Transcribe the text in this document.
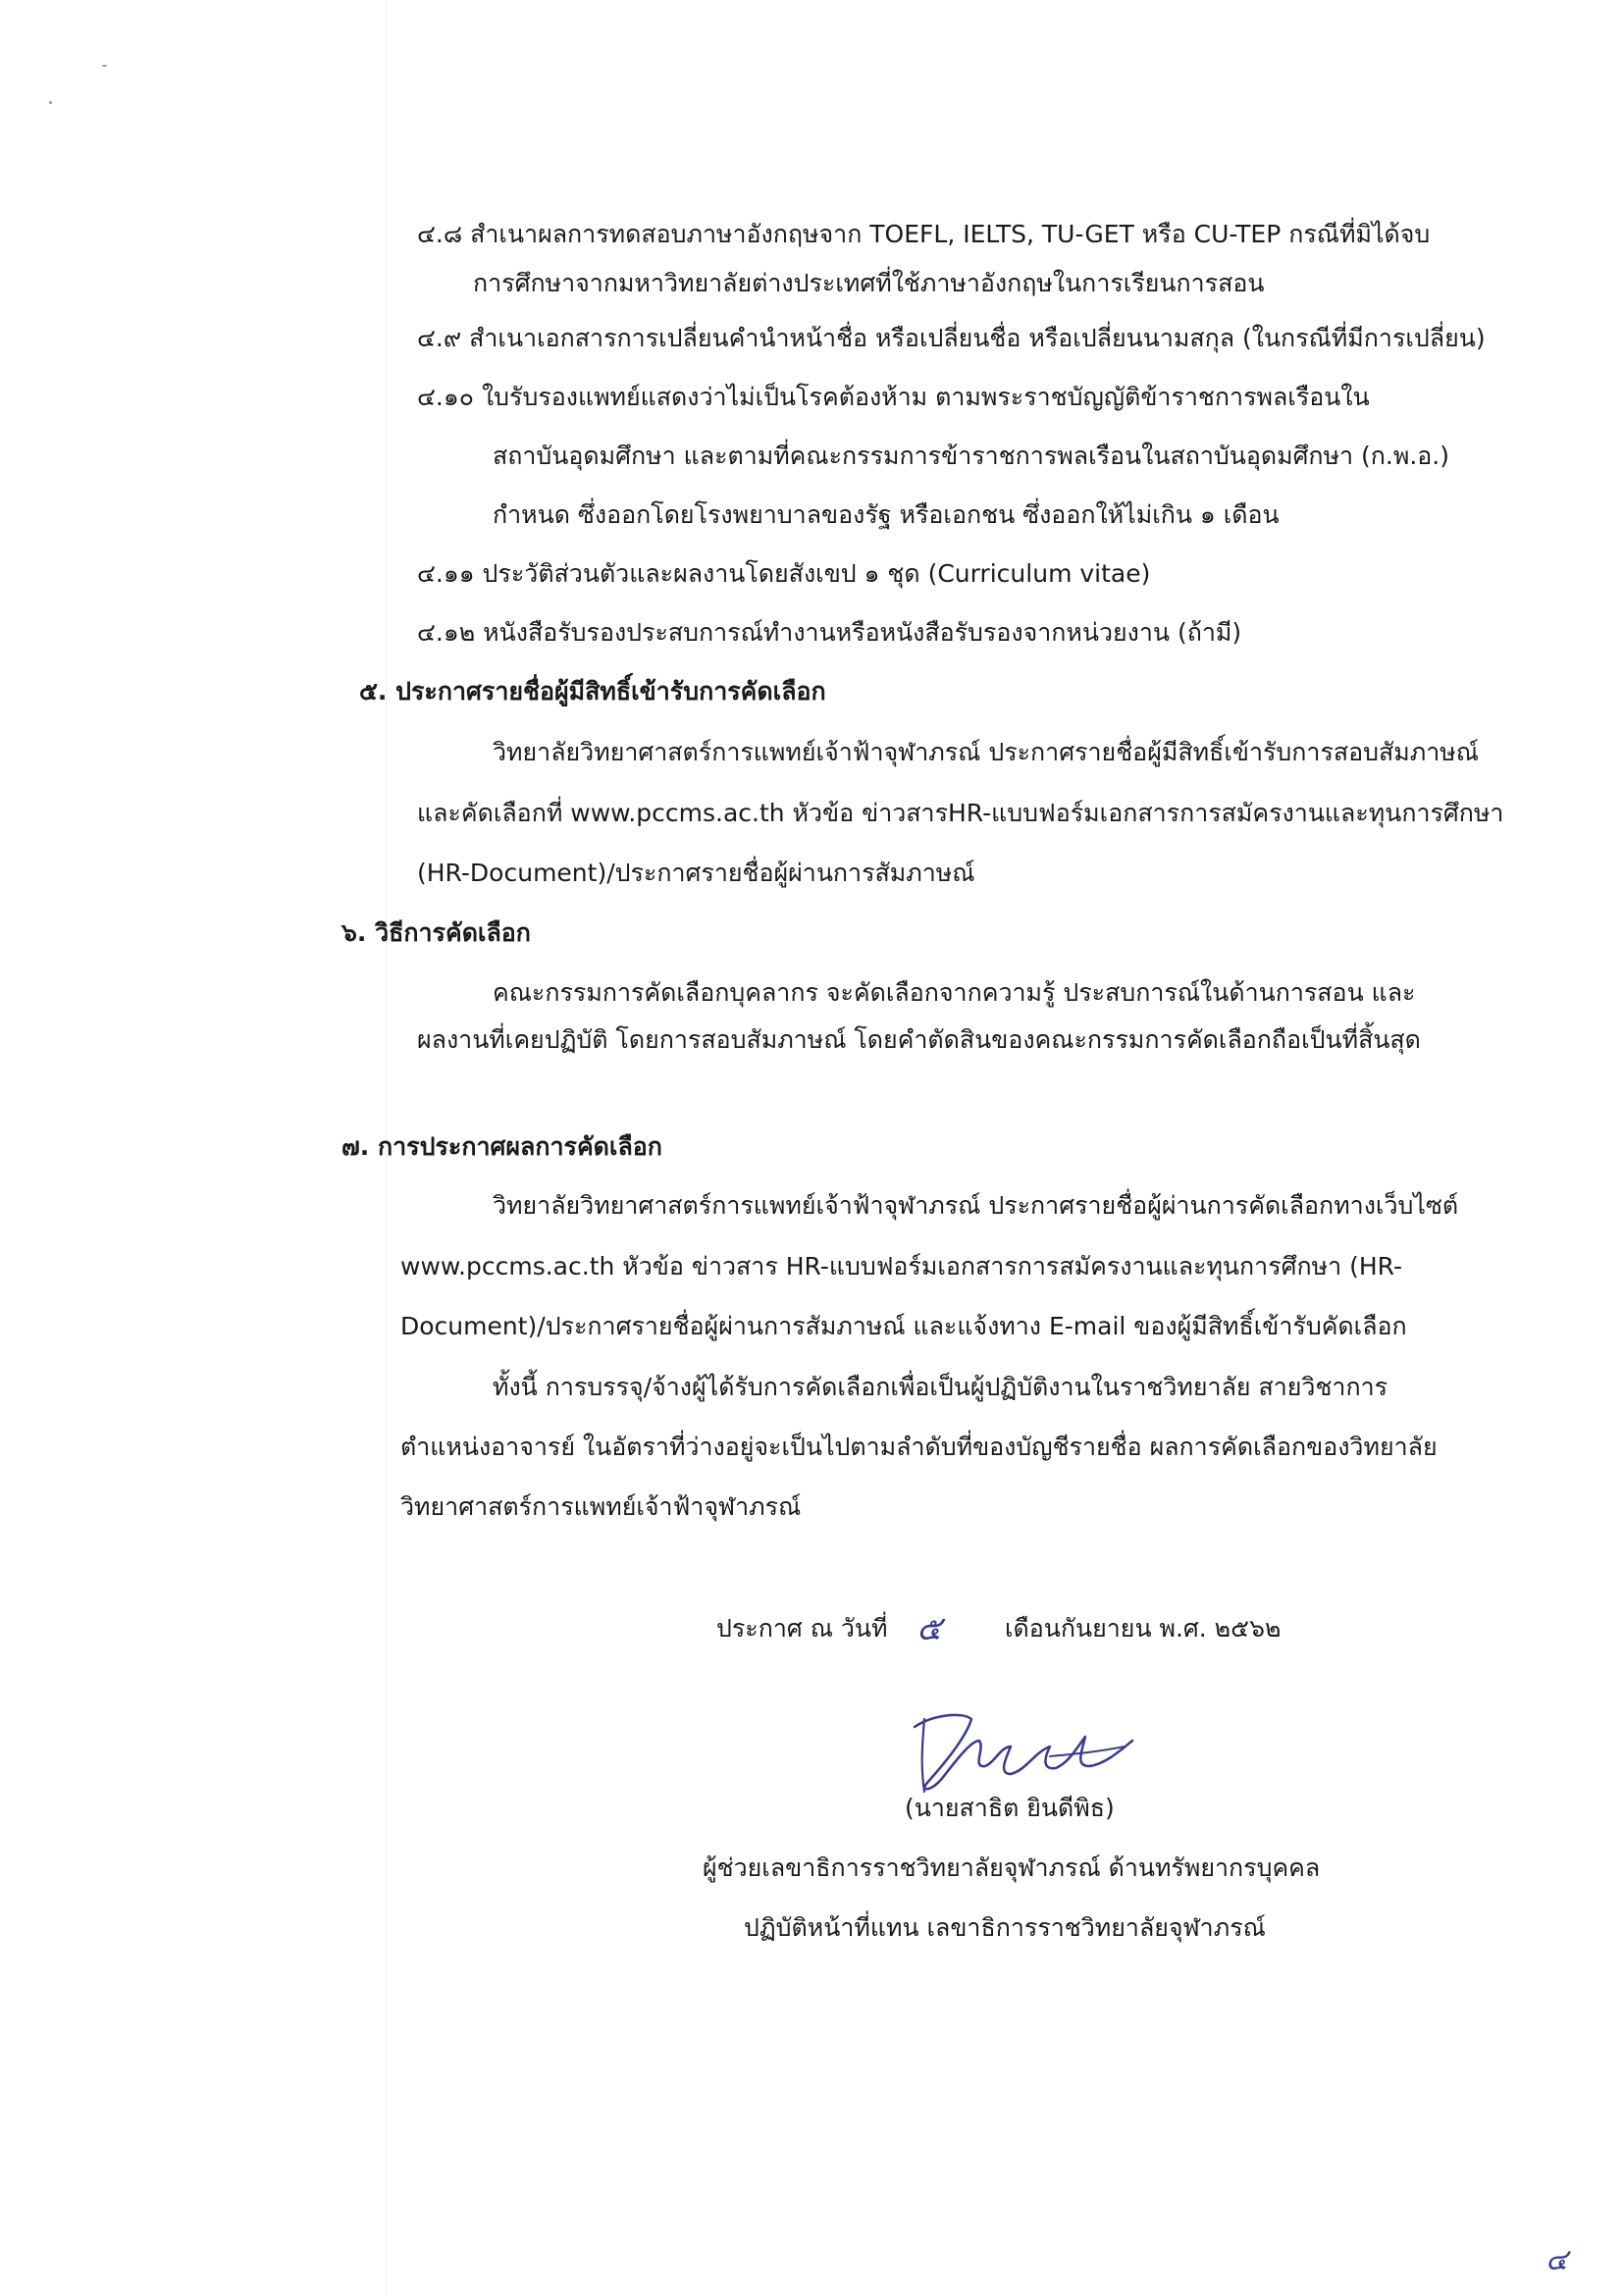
๔.๘ สำเนาผลการทดสอบภาษาอังกฤษจาก TOEFL, IELTS, TU-GET หรือ CU-TEP กรณีที่มิได้จบ
การศึกษาจากมหาวิทยาลัยต่างประเทศที่ใช้ภาษาอังกฤษในการเรียนการสอน
๔.๙ สำเนาเอกสารการเปลี่ยนคำนำหน้าชื่อ หรือเปลี่ยนชื่อ หรือเปลี่ยนนามสกุล (ในกรณีที่มีการเปลี่ยน)
๔.๑๐ ใบรับรองแพทย์แสดงว่าไม่เป็นโรคต้องห้าม ตามพระราชบัญญัติข้าราชการพลเรือนใน
สถาบันอุดมศึกษา และตามที่คณะกรรมการข้าราชการพลเรือนในสถาบันอุดมศึกษา (ก.พ.อ.)
กำหนด ซึ่งออกโดยโรงพยาบาลของรัฐ หรือเอกชน ซึ่งออกให้ไม่เกิน ๑ เดือน
๔.๑๑ ประวัติส่วนตัวและผลงานโดยสังเขป ๑ ชุด (Curriculum vitae)
๔.๑๒ หนังสือรับรองประสบการณ์ทำงานหรือหนังสือรับรองจากหน่วยงาน (ถ้ามี)
๕. ประกาศรายชื่อผู้มีสิทธิ์เข้ารับการคัดเลือก
วิทยาลัยวิทยาศาสตร์การแพทย์เจ้าฟ้าจุฬาภรณ์ ประกาศรายชื่อผู้มีสิทธิ์เข้ารับการสอบสัมภาษณ์
และคัดเลือกที่ www.pccms.ac.th หัวข้อ ข่าวสารHR-แบบฟอร์มเอกสารการสมัครงานและทุนการศึกษา
(HR-Document)/ประกาศรายชื่อผู้ผ่านการสัมภาษณ์
๖. วิธีการคัดเลือก
คณะกรรมการคัดเลือกบุคลากร จะคัดเลือกจากความรู้ ประสบการณ์ในด้านการสอน และ
ผลงานที่เคยปฏิบัติ โดยการสอบสัมภาษณ์ โดยคำตัดสินของคณะกรรมการคัดเลือกถือเป็นที่สิ้นสุด
๗. การประกาศผลการคัดเลือก
วิทยาลัยวิทยาศาสตร์การแพทย์เจ้าฟ้าจุฬาภรณ์ ประกาศรายชื่อผู้ผ่านการคัดเลือกทางเว็บไซต์
www.pccms.ac.th หัวข้อ ข่าวสาร HR-แบบฟอร์มเอกสารการสมัครงานและทุนการศึกษา (HR-
Document)/ประกาศรายชื่อผู้ผ่านการสัมภาษณ์ และแจ้งทาง E-mail ของผู้มีสิทธิ์เข้ารับคัดเลือก
ทั้งนี้ การบรรจุ/จ้างผู้ได้รับการคัดเลือกเพื่อเป็นผู้ปฏิบัติงานในราชวิทยาลัย สายวิชาการ
ตำแหน่งอาจารย์ ในอัตราที่ว่างอยู่จะเป็นไปตามลำดับที่ของบัญชีรายชื่อ ผลการคัดเลือกของวิทยาลัย
วิทยาศาสตร์การแพทย์เจ้าฟ้าจุฬาภรณ์
ประกาศ ณ วันที่ ๕	เดือนกันยายน พ.ศ. ๒๕๖๒
(นายสาธิต ยินดีพิธ)
ผู้ช่วยเลขาธิการราชวิทยาลัยจุฬาภรณ์ ด้านทรัพยากรบุคคล
ปฏิบัติหน้าที่แทน เลขาธิการราชวิทยาลัยจุฬาภรณ์
๔
